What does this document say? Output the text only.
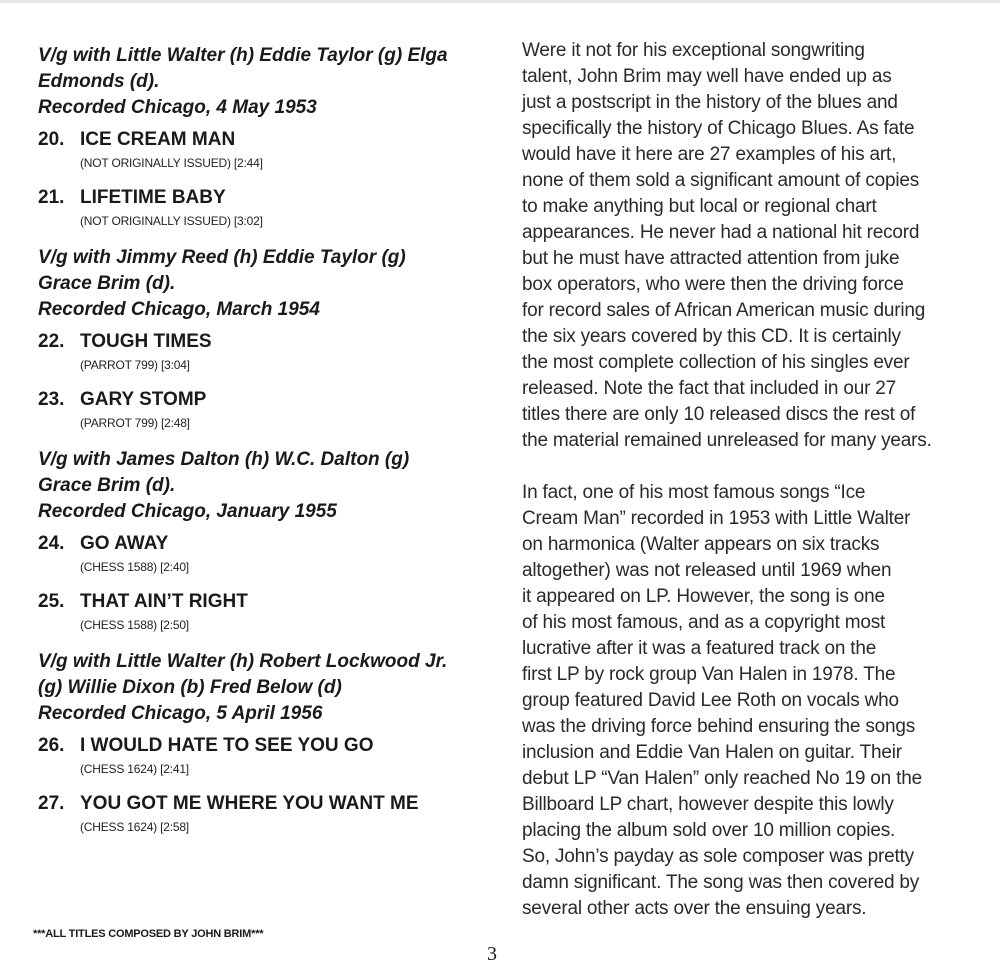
V/g with Little Walter (h) Eddie Taylor (g) Elga
Edmonds (d).
Recorded Chicago, 4 May 1953
20. ICE CREAM MAN
(NOT ORIGINALLY ISSUED) [2:44]
21. LIFETIME BABY
(NOT ORIGINALLY ISSUED) [3:02]
V/g with Jimmy Reed (h) Eddie Taylor (g)
Grace Brim (d).
Recorded Chicago, March 1954
22. TOUGH TIMES
(PARROT 799) [3:04]
23. GARY STOMP
(PARROT 799) [2:48]
V/g with James Dalton (h) W.C. Dalton (g)
Grace Brim (d).
Recorded Chicago, January 1955
24. GO AWAY
(CHESS 1588) [2:40]
25. THAT AIN’T RIGHT
(CHESS 1588) [2:50]
V/g with Little Walter (h) Robert Lockwood Jr.
(g) Willie Dixon (b) Fred Below (d)
Recorded Chicago, 5 April 1956
26. I WOULD HATE TO SEE YOU GO
(CHESS 1624) [2:41]
27. YOU GOT ME WHERE YOU WANT ME
(CHESS 1624) [2:58]
***ALL TITLES COMPOSED BY JOHN BRIM***
3

Were it not for his exceptional songwriting
talent, John Brim may well have ended up as
just a postscript in the history of the blues and
specifically the history of Chicago Blues. As fate
would have it here are 27 examples of his art,
none of them sold a significant amount of copies
to make anything but local or regional chart
appearances. He never had a national hit record
but he must have attracted attention from juke
box operators, who were then the driving force
for record sales of African American music during
the six years covered by this CD. It is certainly
the most complete collection of his singles ever
released. Note the fact that included in our 27
titles there are only 10 released discs the rest of
the material remained unreleased for many years.

In fact, one of his most famous songs “Ice
Cream Man” recorded in 1953 with Little Walter
on harmonica (Walter appears on six tracks
altogether) was not released until 1969 when
it appeared on LP. However, the song is one
of his most famous, and as a copyright most
lucrative after it was a featured track on the
first LP by rock group Van Halen in 1978. The
group featured David Lee Roth on vocals who
was the driving force behind ensuring the songs
inclusion and Eddie Van Halen on guitar. Their
debut LP “Van Halen” only reached No 19 on the
Billboard LP chart, however despite this lowly
placing the album sold over 10 million copies.
So, John’s payday as sole composer was pretty
damn significant. The song was then covered by
several other acts over the ensuing years.
